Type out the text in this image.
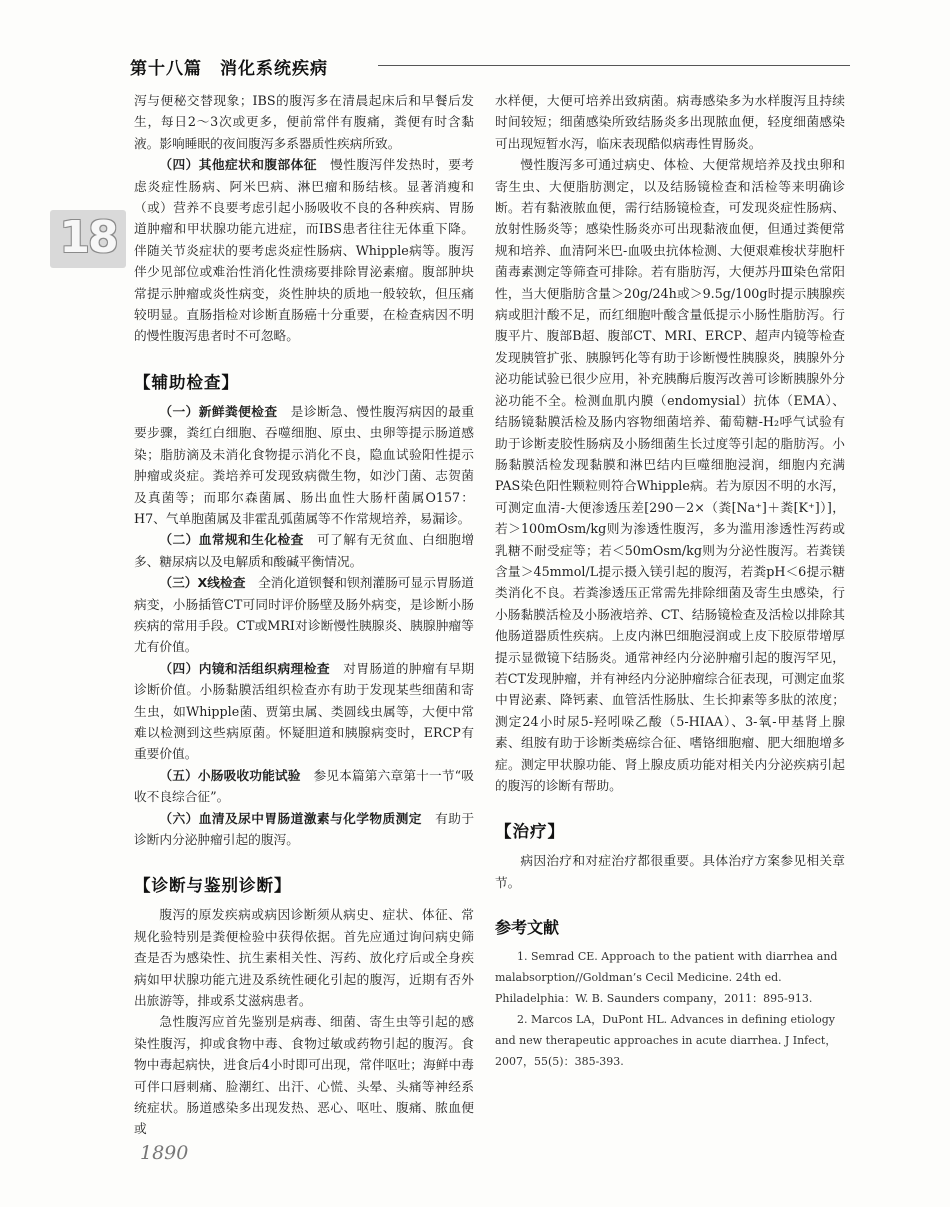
第十八篇　消化系统疾病
18

泻与便秘交替现象；IBS的腹泻多在清晨起床后和早餐后发生，每日2～3次或更多，便前常伴有腹痛，粪便有时含黏液。影响睡眠的夜间腹泻多系器质性疾病所致。

（四）其他症状和腹部体征　 慢性腹泻伴发热时，要考虑炎症性肠病、阿米巴病、淋巴瘤和肠结核。显著消瘦和（或）营养不良要考虑引起小肠吸收不良的各种疾病、胃肠道肿瘤和甲状腺功能亢进症，而IBS患者往往无体重下降。伴随关节炎症状的要考虑炎症性肠病、Whipple病等。腹泻伴少见部位或难治性消化性溃疡要排除胃泌素瘤。腹部肿块常提示肿瘤或炎性病变，炎性肿块的质地一般较软，但压痛较明显。直肠指检对诊断直肠癌十分重要，在检查病因不明的慢性腹泻患者时不可忽略。

【辅助检查】

（一）新鲜粪便检查　 是诊断急、慢性腹泻病因的最重要步骤，粪红白细胞、吞噬细胞、原虫、虫卵等提示肠道感染；脂肪滴及未消化食物提示消化不良，隐血试验阳性提示肿瘤或炎症。粪培养可发现致病微生物，如沙门菌、志贺菌及真菌等；而耶尔森菌属、肠出血性大肠杆菌属O157：H7、气单胞菌属及非霍乱弧菌属等不作常规培养，易漏诊。

（二）血常规和生化检查　 可了解有无贫血、白细胞增多、糖尿病以及电解质和酸碱平衡情况。

（三）X线检查　 全消化道钡餐和钡剂灌肠可显示胃肠道病变，小肠插管CT可同时评价肠壁及肠外病变，是诊断小肠疾病的常用手段。CT或MRI对诊断慢性胰腺炎、胰腺肿瘤等尤有价值。

（四）内镜和活组织病理检查　 对胃肠道的肿瘤有早期诊断价值。小肠黏膜活组织检查亦有助于发现某些细菌和寄生虫，如Whipple菌、贾第虫属、类圆线虫属等，大便中常难以检测到这些病原菌。怀疑胆道和胰腺病变时，ERCP有重要价值。

（五）小肠吸收功能试验　 参见本篇第六章第十一节“吸收不良综合征”。

（六）血清及尿中胃肠道激素与化学物质测定　 有助于诊断内分泌肿瘤引起的腹泻。

【诊断与鉴别诊断】

腹泻的原发疾病或病因诊断须从病史、症状、体征、常规化验特别是粪便检验中获得依据。首先应通过询问病史筛查是否为感染性、抗生素相关性、泻药、放化疗后或全身疾病如甲状腺功能亢进及系统性硬化引起的腹泻，近期有否外出旅游等，排或系艾滋病患者。

急性腹泻应首先鉴别是病毒、细菌、寄生虫等引起的感染性腹泻，抑或食物中毒、食物过敏或药物引起的腹泻。食物中毒起病快，进食后4小时即可出现，常伴呕吐；海鲜中毒可伴口唇刺痛、脸潮红、出汗、心慌、头晕、头痛等神经系统症状。肠道感染多出现发热、恶心、呕吐、腹痛、脓血便或

水样便，大便可培养出致病菌。病毒感染多为水样腹泻且持续时间较短；细菌感染所致结肠炎多出现脓血便，轻度细菌感染可出现短暂水泻，临床表现酷似病毒性胃肠炎。

慢性腹泻多可通过病史、体检、大便常规培养及找虫卵和寄生虫、大便脂肪测定，以及结肠镜检查和活检等来明确诊断。若有黏液脓血便，需行结肠镜检查，可发现炎症性肠病、放射性肠炎等；感染性肠炎亦可出现黏液血便，但通过粪便常规和培养、血清阿米巴-血吸虫抗体检测、大便艰难梭状芽胞杆菌毒素测定等筛查可排除。若有脂肪泻，大便苏丹Ⅲ染色常阳性，当大便脂肪含量＞20g/24h或＞9.5g/100g时提示胰腺疾病或胆汁酸不足，而红细胞叶酸含量低提示小肠性脂肪泻。行腹平片、腹部B超、腹部CT、MRI、ERCP、超声内镜等检查发现胰管扩张、胰腺钙化等有助于诊断慢性胰腺炎，胰腺外分泌功能试验已很少应用，补充胰酶后腹泻改善可诊断胰腺外分泌功能不全。检测血肌内膜（endomysial）抗体（EMA）、结肠镜黏膜活检及肠内容物细菌培养、葡萄糖-H₂呼气试验有助于诊断麦胶性肠病及小肠细菌生长过度等引起的脂肪泻。小肠黏膜活检发现黏膜和淋巴结内巨噬细胞浸润，细胞内充满PAS染色阳性颗粒则符合Whipple病。若为原因不明的水泻，可测定血清-大便渗透压差[290－2×（粪[Na⁺]＋粪[K⁺]）]，若＞100mOsm/kg则为渗透性腹泻，多为滥用渗透性泻药或乳糖不耐受症等；若＜50mOsm/kg则为分泌性腹泻。若粪镁含量＞45mmol/L提示摄入镁引起的腹泻，若粪pH＜6提示糖类消化不良。若粪渗透压正常需先排除细菌及寄生虫感染，行小肠黏膜活检及小肠液培养、CT、结肠镜检查及活检以排除其他肠道器质性疾病。上皮内淋巴细胞浸润或上皮下胶原带增厚提示显微镜下结肠炎。通常神经内分泌肿瘤引起的腹泻罕见，若CT发现肿瘤，并有神经内分泌肿瘤综合征表现，可测定血浆中胃泌素、降钙素、血管活性肠肽、生长抑素等多肽的浓度；测定24小时尿5-羟吲哚乙酸（5-HIAA）、3-氧-甲基肾上腺素、组胺有助于诊断类癌综合征、嗜铬细胞瘤、肥大细胞增多症。测定甲状腺功能、肾上腺皮质功能对相关内分泌疾病引起的腹泻的诊断有帮助。

【治疗】

病因治疗和对症治疗都很重要。具体治疗方案参见相关章节。

参考文献

1. Semrad CE. Approach to the patient with diarrhea and malabsorption//Goldman’s Cecil Medicine. 24th ed. Philadelphia：W. B. Saunders company，2011：895-913.

2. Marcos LA，DuPont HL. Advances in defining etiology and new therapeutic approaches in acute diarrhea. J Infect，2007，55(5)：385-393.

1890
